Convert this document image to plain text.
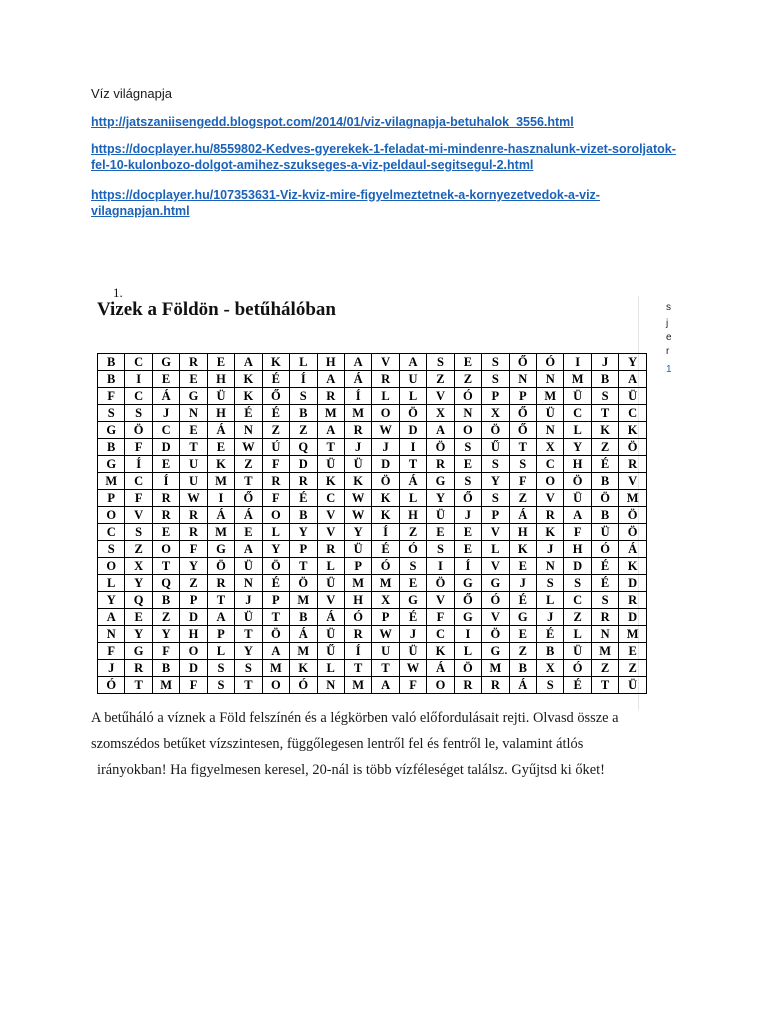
Víz világnapja
http://jatszaniisengedd.blogspot.com/2014/01/viz-vilagnapja-betuhalok_3556.html
https://docplayer.hu/8559802-Kedves-gyerekek-1-feladat-mi-mindenre-hasznalunk-vizet-soroljatok-fel-10-kulonbozo-dolgot-amihez-szukseges-a-viz-peldaul-segitsegul-2.html
https://docplayer.hu/107353631-Viz-kviz-mire-figyelmeztetnek-a-kornyezetvedok-a-viz-vilagnapjan.html
1.
Vizek a Földön - betűhálóban	s
j
e
r
1
B	C	G	R	E	A	K	L	H	A	V	A	S	E	S	Ő	Ó	I	J	Y
B	I	E	E	H	K	É	Í	A	Á	R	U	Z	Z	S	N	N	M	B	A
F	C	Á	G	Ü	K	Ő	S	R	Í	L	L	V	Ó	P	P	M	Ü	S	Ü
S	S	J	N	H	É	É	B	M	M	O	Ö	X	N	X	Ő	Ü	C	T	C
G	Ö	C	E	Á	N	Z	Z	A	R	W	D	A	O	Ö	Ő	N	L	K	K
B	F	D	T	E	W	Ú	Q	T	J	J	I	Ö	S	Ű	T	X	Y	Z	Ö
G	Í	E	U	K	Z	F	D	Ü	Ü	D	T	R	E	S	S	C	H	É	R
M	C	Í	U	M	T	R	R	K	K	Ö	Á	G	S	Y	F	O	Ö	B	V
P	F	R	W	I	Ő	F	É	C	W	K	L	Y	Ő	S	Z	V	Ü	Ö	M
O	V	R	R	Á	Á	O	B	V	W	K	H	Ü	J	P	Á	R	A	B	Ö
C	S	E	R	M	E	L	Y	V	Y	Í	Z	E	E	V	H	K	F	Ü	Ö
S	Z	O	F	G	A	Y	P	R	Ü	É	Ó	S	E	L	K	J	H	Ó	Á
O	X	T	Y	Ö	Ü	Ö	T	L	P	Ó	S	I	Í	V	E	N	D	É	K
L	Y	Q	Z	R	N	É	Ö	Ü	M	M	E	Ö	G	G	J	S	S	É	D
Y	Q	B	P	T	J	P	M	V	H	X	G	V	Ő	Ó	É	L	C	S	R
A	E	Z	D	A	Ü	T	B	Á	Ó	P	É	F	G	V	G	J	Z	R	D
N	Y	Y	H	P	T	Ö	Á	Ü	R	W	J	C	I	Ö	E	É	L	N	M
F	G	F	O	L	Y	A	M	Ű	Í	U	Ü	K	L	G	Z	B	Ü	M	E
J	R	B	D	S	S	M	K	L	T	T	W	Á	Ö	M	B	X	Ó	Z	Z
Ó	T	M	F	S	T	O	Ó	N	M	A	F	O	R	R	Á	S	É	T	Ü
A betűháló a víznek a Föld felszínén és a légkörben való előfordulásait rejti. Olvasd össze a
szomszédos betűket vízszintesen, függőlegesen lentről fel és fentről le, valamint átlós
irányokban! Ha figyelmesen keresel, 20-nál is több vízféleséget találsz. Gyűjtsd ki őket!
